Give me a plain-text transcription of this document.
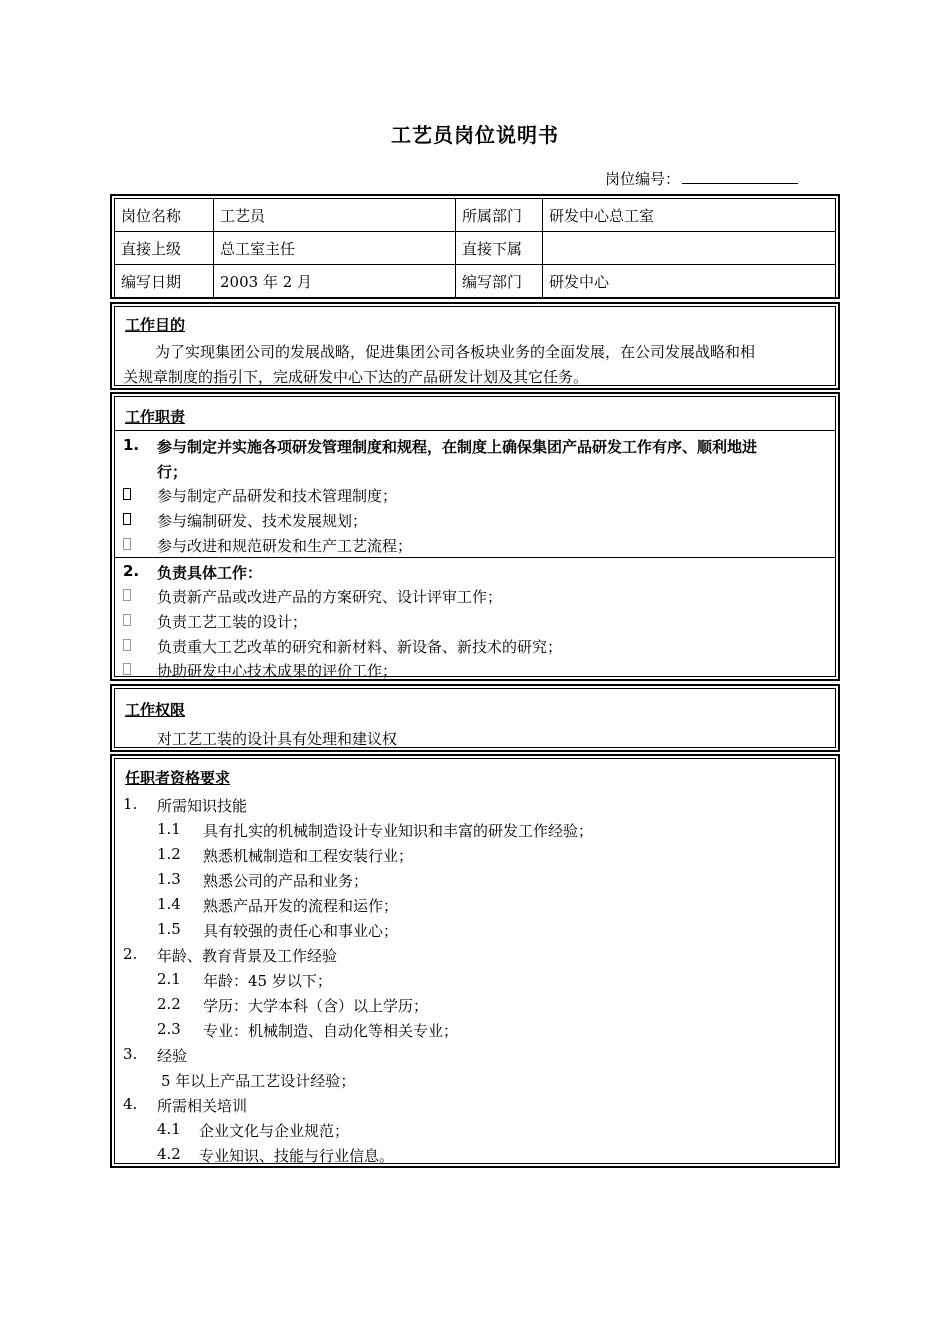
工艺员岗位说明书
岗位编号：
岗位名称	工艺员	所属部门	研发中心总工室
直接上级	总工室主任	直接下属	
编写日期	2003 年 2 月	编写部门	研发中心
工作目的
为了实现集团公司的发展战略，促进集团公司各板块业务的全面发展，在公司发展战略和相
关规章制度的指引下，完成研发中心下达的产品研发计划及其它任务。
工作职责
1. 参与制定并实施各项研发管理制度和规程，在制度上确保集团产品研发工作有序、顺利地进
行；
参与制定产品研发和技术管理制度；
参与编制研发、技术发展规划；
参与改进和规范研发和生产工艺流程；
2. 负责具体工作：
负责新产品或改进产品的方案研究、设计评审工作；
负责工艺工装的设计；
负责重大工艺改革的研究和新材料、新设备、新技术的研究；
协助研发中心技术成果的评价工作；
工作权限
对工艺工装的设计具有处理和建议权
任职者资格要求
1. 所需知识技能
1.1 具有扎实的机械制造设计专业知识和丰富的研发工作经验；
1.2 熟悉机械制造和工程安装行业；
1.3 熟悉公司的产品和业务；
1.4 熟悉产品开发的流程和运作；
1.5 具有较强的责任心和事业心；
2. 年龄、教育背景及工作经验
2.1 年龄：45 岁以下；
2.2 学历：大学本科（含）以上学历；
2.3 专业：机械制造、自动化等相关专业；
3. 经验
5 年以上产品工艺设计经验；
4. 所需相关培训
4.1 企业文化与企业规范；
4.2 专业知识、技能与行业信息。
